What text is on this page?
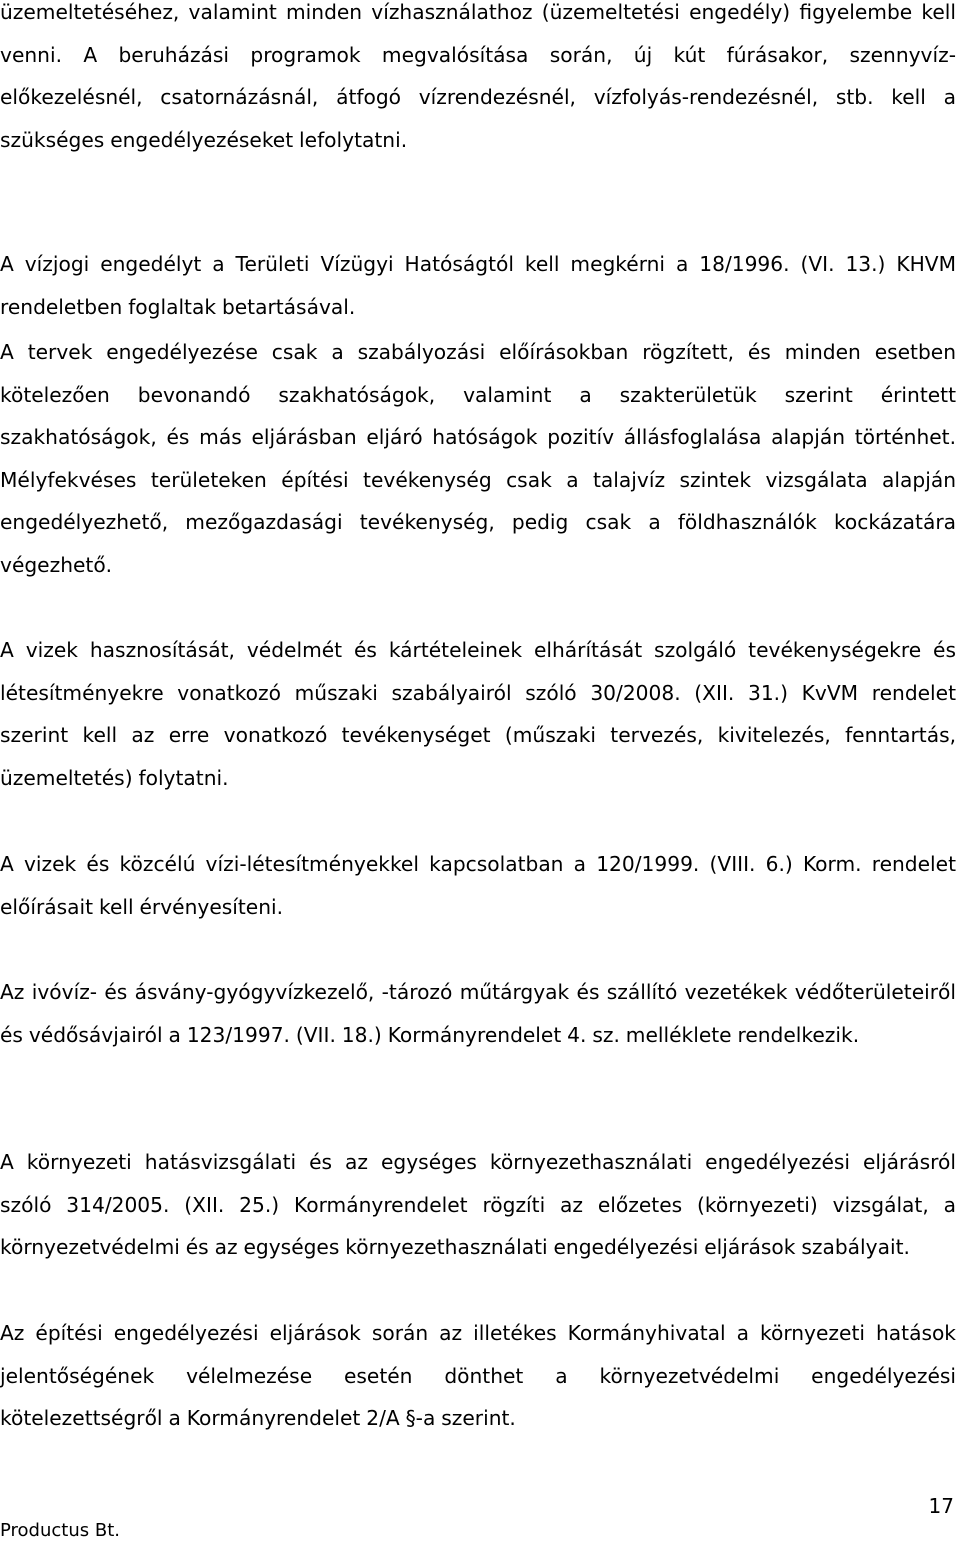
üzemeltetéséhez, valamint minden vízhasználathoz (üzemeltetési engedély) figyelembe kell venni. A beruházási programok megvalósítása során, új kút fúrásakor, szennyvíz-előkezelésnél, csatornázásnál, átfogó vízrendezésnél, vízfolyás-rendezésnél, stb. kell a szükséges engedélyezéseket lefolytatni.

A vízjogi engedélyt a Területi Vízügyi Hatóságtól kell megkérni a 18/1996. (VI. 13.) KHVM rendeletben foglaltak betartásával.

A tervek engedélyezése csak a szabályozási előírásokban rögzített, és minden esetben kötelezően bevonandó szakhatóságok, valamint a szakterületük szerint érintett szakhatóságok, és más eljárásban eljáró hatóságok pozitív állásfoglalása alapján történhet. Mélyfekvéses területeken építési tevékenység csak a talajvíz szintek vizsgálata alapján engedélyezhető, mezőgazdasági tevékenység, pedig csak a földhasználók kockázatára végezhető.

A vizek hasznosítását, védelmét és kártételeinek elhárítását szolgáló tevékenységekre és létesítményekre vonatkozó műszaki szabályairól szóló 30/2008. (XII. 31.) KvVM rendelet szerint kell az erre vonatkozó tevékenységet (műszaki tervezés, kivitelezés, fenntartás, üzemeltetés) folytatni.

A vizek és közcélú vízi-létesítményekkel kapcsolatban a 120/1999. (VIII. 6.) Korm. rendelet előírásait kell érvényesíteni.

Az ivóvíz- és ásvány-gyógyvízkezelő, -tározó műtárgyak és szállító vezetékek védőterületeiről és védősávjairól a 123/1997. (VII. 18.) Kormányrendelet 4. sz. melléklete rendelkezik.

A környezeti hatásvizsgálati és az egységes környezethasználati engedélyezési eljárásról szóló 314/2005. (XII. 25.) Kormányrendelet rögzíti az előzetes (környezeti) vizsgálat, a környezetvédelmi és az egységes környezethasználati engedélyezési eljárások szabályait.

Az építési engedélyezési eljárások során az illetékes Kormányhivatal a környezeti hatások jelentőségének vélelmezése esetén dönthet a környezetvédelmi engedélyezési kötelezettségről a Kormányrendelet 2/A §-a szerint.

17
Productus Bt.
